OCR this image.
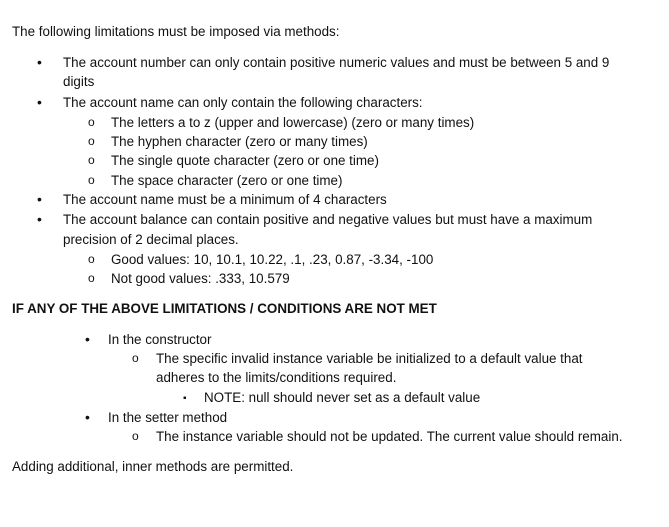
The following limitations must be imposed via methods:
• The account number can only contain positive numeric values and must be between 5 and 9
digits
• The account name can only contain the following characters:
o The letters a to z (upper and lowercase) (zero or many times)
o The hyphen character (zero or many times)
o The single quote character (zero or one time)
o The space character (zero or one time)
• The account name must be a minimum of 4 characters
• The account balance can contain positive and negative values but must have a maximum
precision of 2 decimal places.
o Good values: 10, 10.1, 10.22, .1, .23, 0.87, -3.34, -100
o Not good values: .333, 10.579
IF ANY OF THE ABOVE LIMITATIONS / CONDITIONS ARE NOT MET
• In the constructor
o The specific invalid instance variable be initialized to a default value that
adheres to the limits/conditions required.
▪ NOTE: null should never set as a default value
• In the setter method
o The instance variable should not be updated. The current value should remain.
Adding additional, inner methods are permitted.
